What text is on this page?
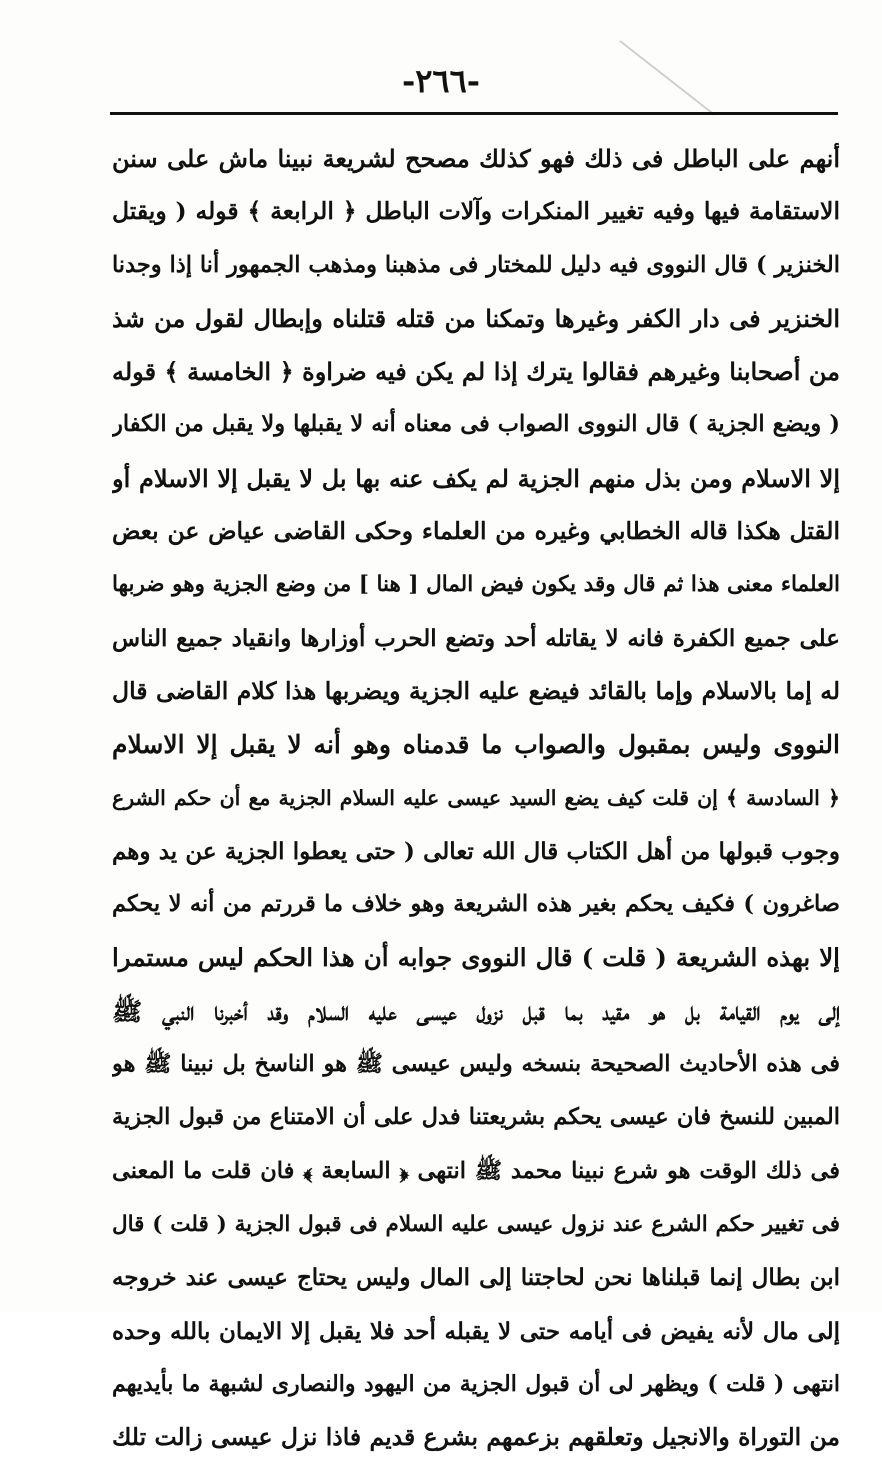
-٢٦٦-
أنهم على الباطل فى ذلك فهو كذلك مصحح لشريعة نبينا ماش على سنن
الاستقامة فيها وفيه تغيير المنكرات وآلات الباطل ﴿ الرابعة ﴾ قوله ( ويقتل
الخنزير ) قال النووى فيه دليل للمختار فى مذهبنا ومذهب الجمهور أنا إذا وجدنا
الخنزير فى دار الكفر وغيرها وتمكنا من قتله قتلناه وإبطال لقول من شذ
من أصحابنا وغيرهم فقالوا يترك إذا لم يكن فيه ضراوة ﴿ الخامسة ﴾ قوله
( ويضع الجزية ) قال النووى الصواب فى معناه أنه لا يقبلها ولا يقبل من الكفار
إلا الاسلام ومن بذل منهم الجزية لم يكف عنه بها بل لا يقبل إلا الاسلام أو
القتل هكذا قاله الخطابي وغيره من العلماء وحكى القاضى عياض عن بعض
العلماء معنى هذا ثم قال وقد يكون فيض المال [ هنا ] من وضع الجزية وهو ضربها
على جميع الكفرة فانه لا يقاتله أحد وتضع الحرب أوزارها وانقياد جميع الناس
له إما بالاسلام وإما بالقائد فيضع عليه الجزية ويضربها هذا كلام القاضى قال
النووى وليس بمقبول والصواب ما قدمناه وهو أنه لا يقبل إلا الاسلام
﴿ السادسة ﴾ إن قلت كيف يضع السيد عيسى عليه السلام الجزية مع أن حكم الشرع
وجوب قبولها من أهل الكتاب قال الله تعالى ( حتى يعطوا الجزية عن يد وهم
صاغرون ) فكيف يحكم بغير هذه الشريعة وهو خلاف ما قررتم من أنه لا يحكم
إلا بهذه الشريعة ( قلت ) قال النووى جوابه أن هذا الحكم ليس مستمرا
إلى يوم القيامة بل هو مقيد بما قبل نزول عيسى عليه السلام وقد أخبرنا النبي ﷺ
فى هذه الأحاديث الصحيحة بنسخه وليس عيسى ﷺ هو الناسخ بل نبينا ﷺ هو
المبين للنسخ فان عيسى يحكم بشريعتنا فدل على أن الامتناع من قبول الجزية
فى ذلك الوقت هو شرع نبينا محمد ﷺ انتهى ﴿ السابعة ﴾ فان قلت ما المعنى
فى تغيير حكم الشرع عند نزول عيسى عليه السلام فى قبول الجزية ( قلت ) قال
ابن بطال إنما قبلناها نحن لحاجتنا إلى المال وليس يحتاج عيسى عند خروجه
إلى مال لأنه يفيض فى أيامه حتى لا يقبله أحد فلا يقبل إلا الايمان بالله وحده
انتهى ( قلت ) ويظهر لى أن قبول الجزية من اليهود والنصارى لشبهة ما بأيديهم
من التوراة والانجيل وتعلقهم بزعمهم بشرع قديم فاذا نزل عيسى زالت تلك
